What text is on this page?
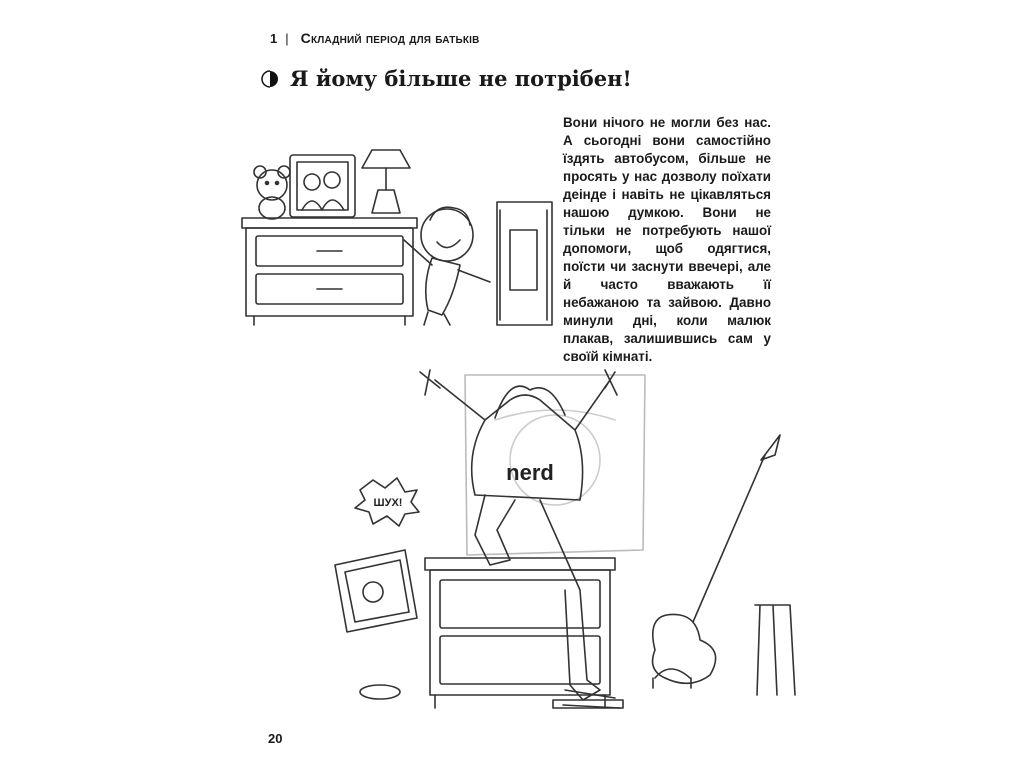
1 | Складний період для батьків
Я йому більше не потрібен!
Вони нічого не могли без нас. А сьогодні вони самостійно їздять автобусом, більше не просять у нас дозволу поїхати деінде і навіть не цікавляться нашою думкою. Вони не тільки не потребують нашої допомоги, щоб одягтися, поїсти чи заснути ввечері, але й часто вважають її небажаною та зайвою. Давно минули дні, коли малюк плакав, залишившись сам у своїй кімнаті.
ШУХ!
nerd
20
